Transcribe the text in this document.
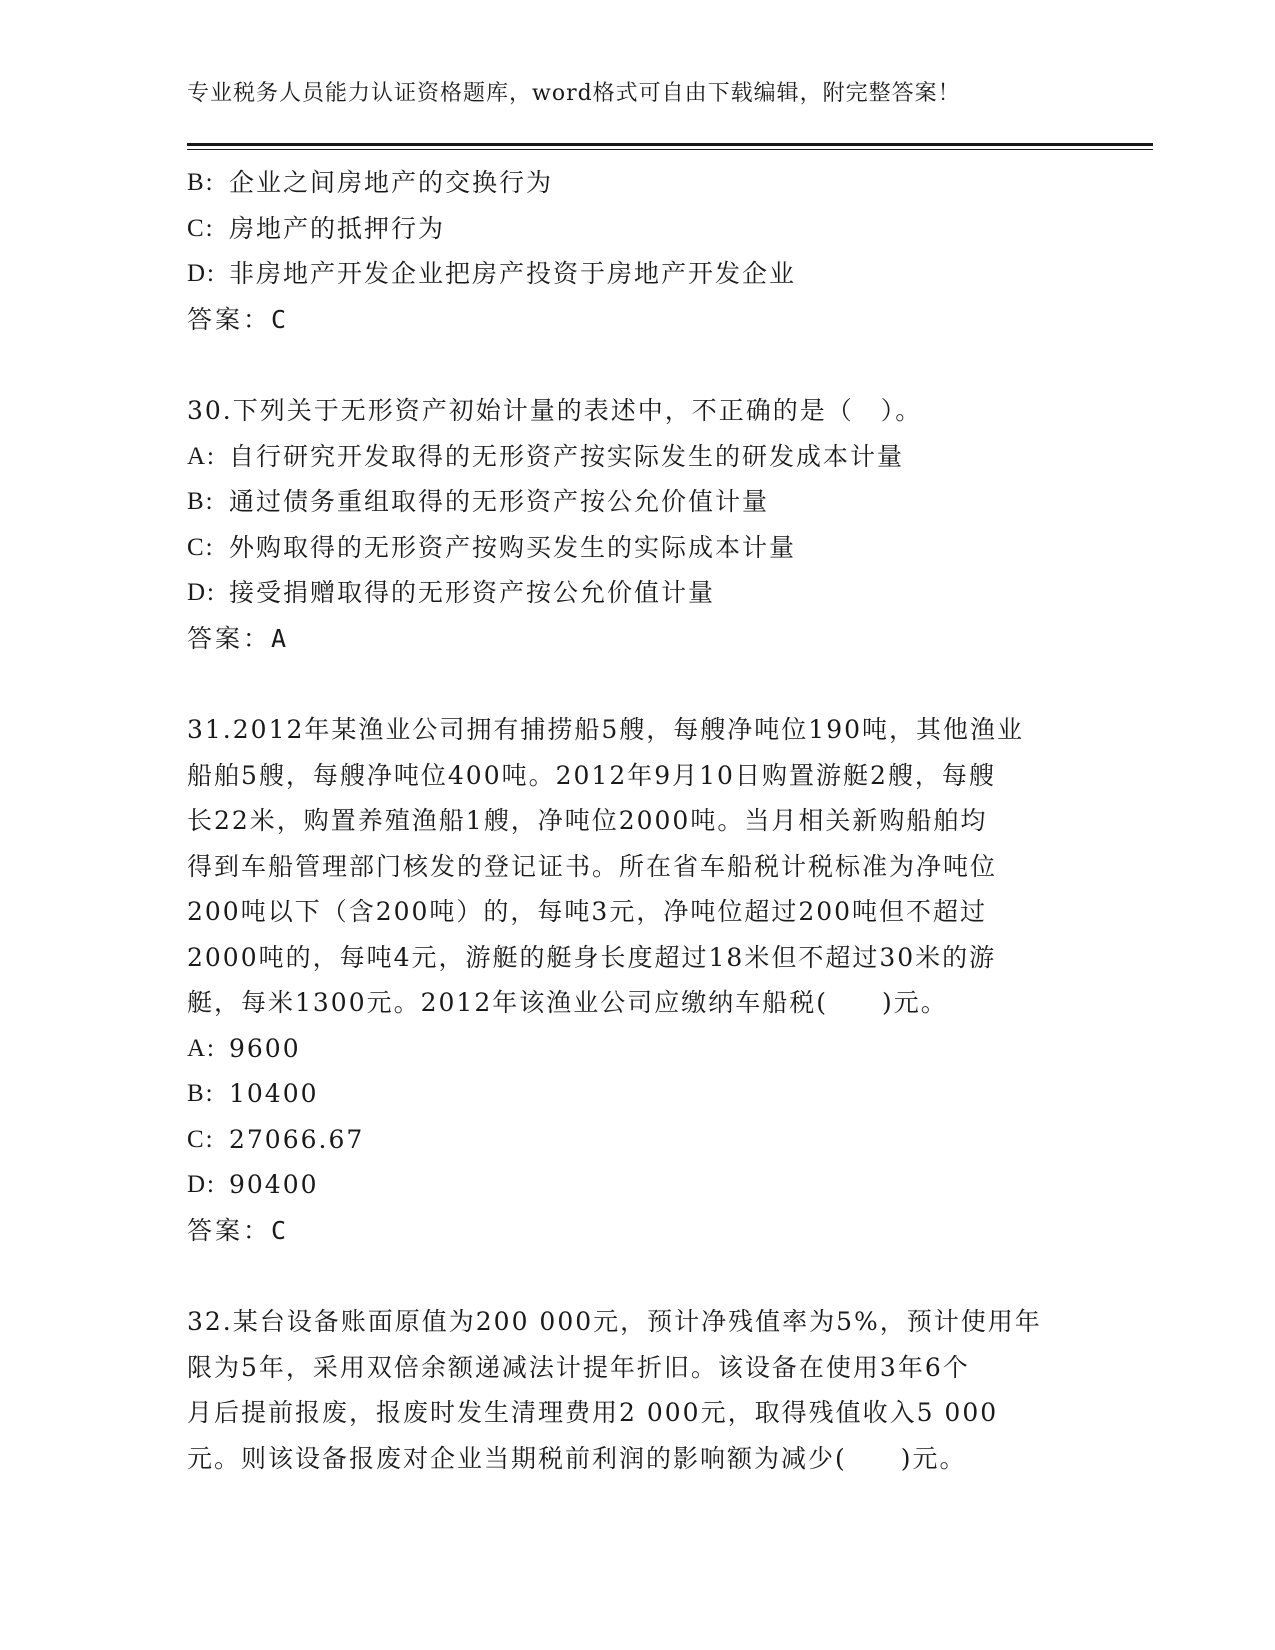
专业税务人员能力认证资格题库，word格式可自由下载编辑，附完整答案！
B: 企业之间房地产的交换行为
C: 房地产的抵押行为
D: 非房地产开发企业把房产投资于房地产开发企业
答案：C
30.下列关于无形资产初始计量的表述中，不正确的是（　）。
A: 自行研究开发取得的无形资产按实际发生的研发成本计量
B: 通过债务重组取得的无形资产按公允价值计量
C: 外购取得的无形资产按购买发生的实际成本计量
D: 接受捐赠取得的无形资产按公允价值计量
答案：A
31.2012年某渔业公司拥有捕捞船5艘，每艘净吨位190吨，其他渔业
船舶5艘，每艘净吨位400吨。2012年9月10日购置游艇2艘，每艘
长22米，购置养殖渔船1艘，净吨位2000吨。当月相关新购船舶均
得到车船管理部门核发的登记证书。所在省车船税计税标准为净吨位
200吨以下（含200吨）的，每吨3元，净吨位超过200吨但不超过
2000吨的，每吨4元，游艇的艇身长度超过18米但不超过30米的游
艇，每米1300元。2012年该渔业公司应缴纳车船税(　　)元。
A: 9600
B: 10400
C: 27066.67
D: 90400
答案：C
32.某台设备账面原值为200 000元，预计净残值率为5%，预计使用年
限为5年，采用双倍余额递减法计提年折旧。该设备在使用3年6个
月后提前报废，报废时发生清理费用2 000元，取得残值收入5 000
元。则该设备报废对企业当期税前利润的影响额为减少(　　)元。
